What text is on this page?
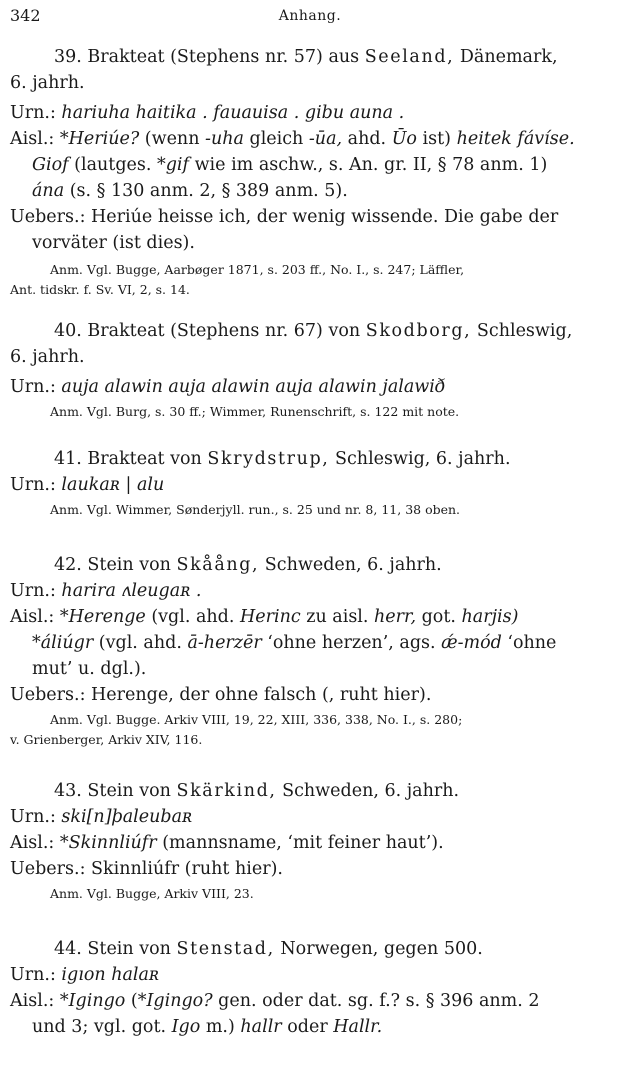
342	Anhang.
39. Brakteat (Stephens nr. 57) aus Seeland, Dänemark,
6. jahrh.
Urn.: hariuha haitika . fauauisa . gibu auna .
Aisl.: *Heriúe? (wenn -uha gleich -ūa, ahd. Ūo ist) heitek fávíse.
Giof (lautges. *gif wie im aschw., s. An. gr. II, § 78 anm. 1)
ána (s. § 130 anm. 2, § 389 anm. 5).
Uebers.: Heriúe heisse ich, der wenig wissende. Die gabe der
vorväter (ist dies).
Anm. Vgl. Bugge, Aarbøger 1871, s. 203 ff., No. I., s. 247; Läffler,
Ant. tidskr. f. Sv. VI, 2, s. 14.
40. Brakteat (Stephens nr. 67) von Skodborg, Schleswig,
6. jahrh.
Urn.: auja alawin auja alawin auja alawin jalawið
Anm. Vgl. Burg, s. 30 ff.; Wimmer, Runenschrift, s. 122 mit note.
41. Brakteat von Skrydstrup, Schleswig, 6. jahrh.
Urn.: laukaʀ | alu
Anm. Vgl. Wimmer, Sønderjyll. run., s. 25 und nr. 8, 11, 38 oben.
42. Stein von Skåång, Schweden, 6. jahrh.
Urn.: harira ʌleugaʀ .
Aisl.: *Herenge (vgl. ahd. Herinc zu aisl. herr, got. harjis)
*áliúgr (vgl. ahd. ā-herzēr ‘ohne herzen’, ags. ǽ-mód ‘ohne
mut’ u. dgl.).
Uebers.: Herenge, der ohne falsch (, ruht hier).
Anm. Vgl. Bugge. Arkiv VIII, 19, 22, XIII, 336, 338, No. I., s. 280;
v. Grienberger, Arkiv XIV, 116.
43. Stein von Skärkind, Schweden, 6. jahrh.
Urn.: ski[n]þaleubaʀ
Aisl.: *Skinnliúfr (mannsname, ‘mit feiner haut’).
Uebers.: Skinnliúfr (ruht hier).
Anm. Vgl. Bugge, Arkiv VIII, 23.
44. Stein von Stenstad, Norwegen, gegen 500.
Urn.: igıon halaʀ
Aisl.: *Igingo (*Igingo? gen. oder dat. sg. f.? s. § 396 anm. 2
und 3; vgl. got. Igo m.) hallr oder Hallr.
